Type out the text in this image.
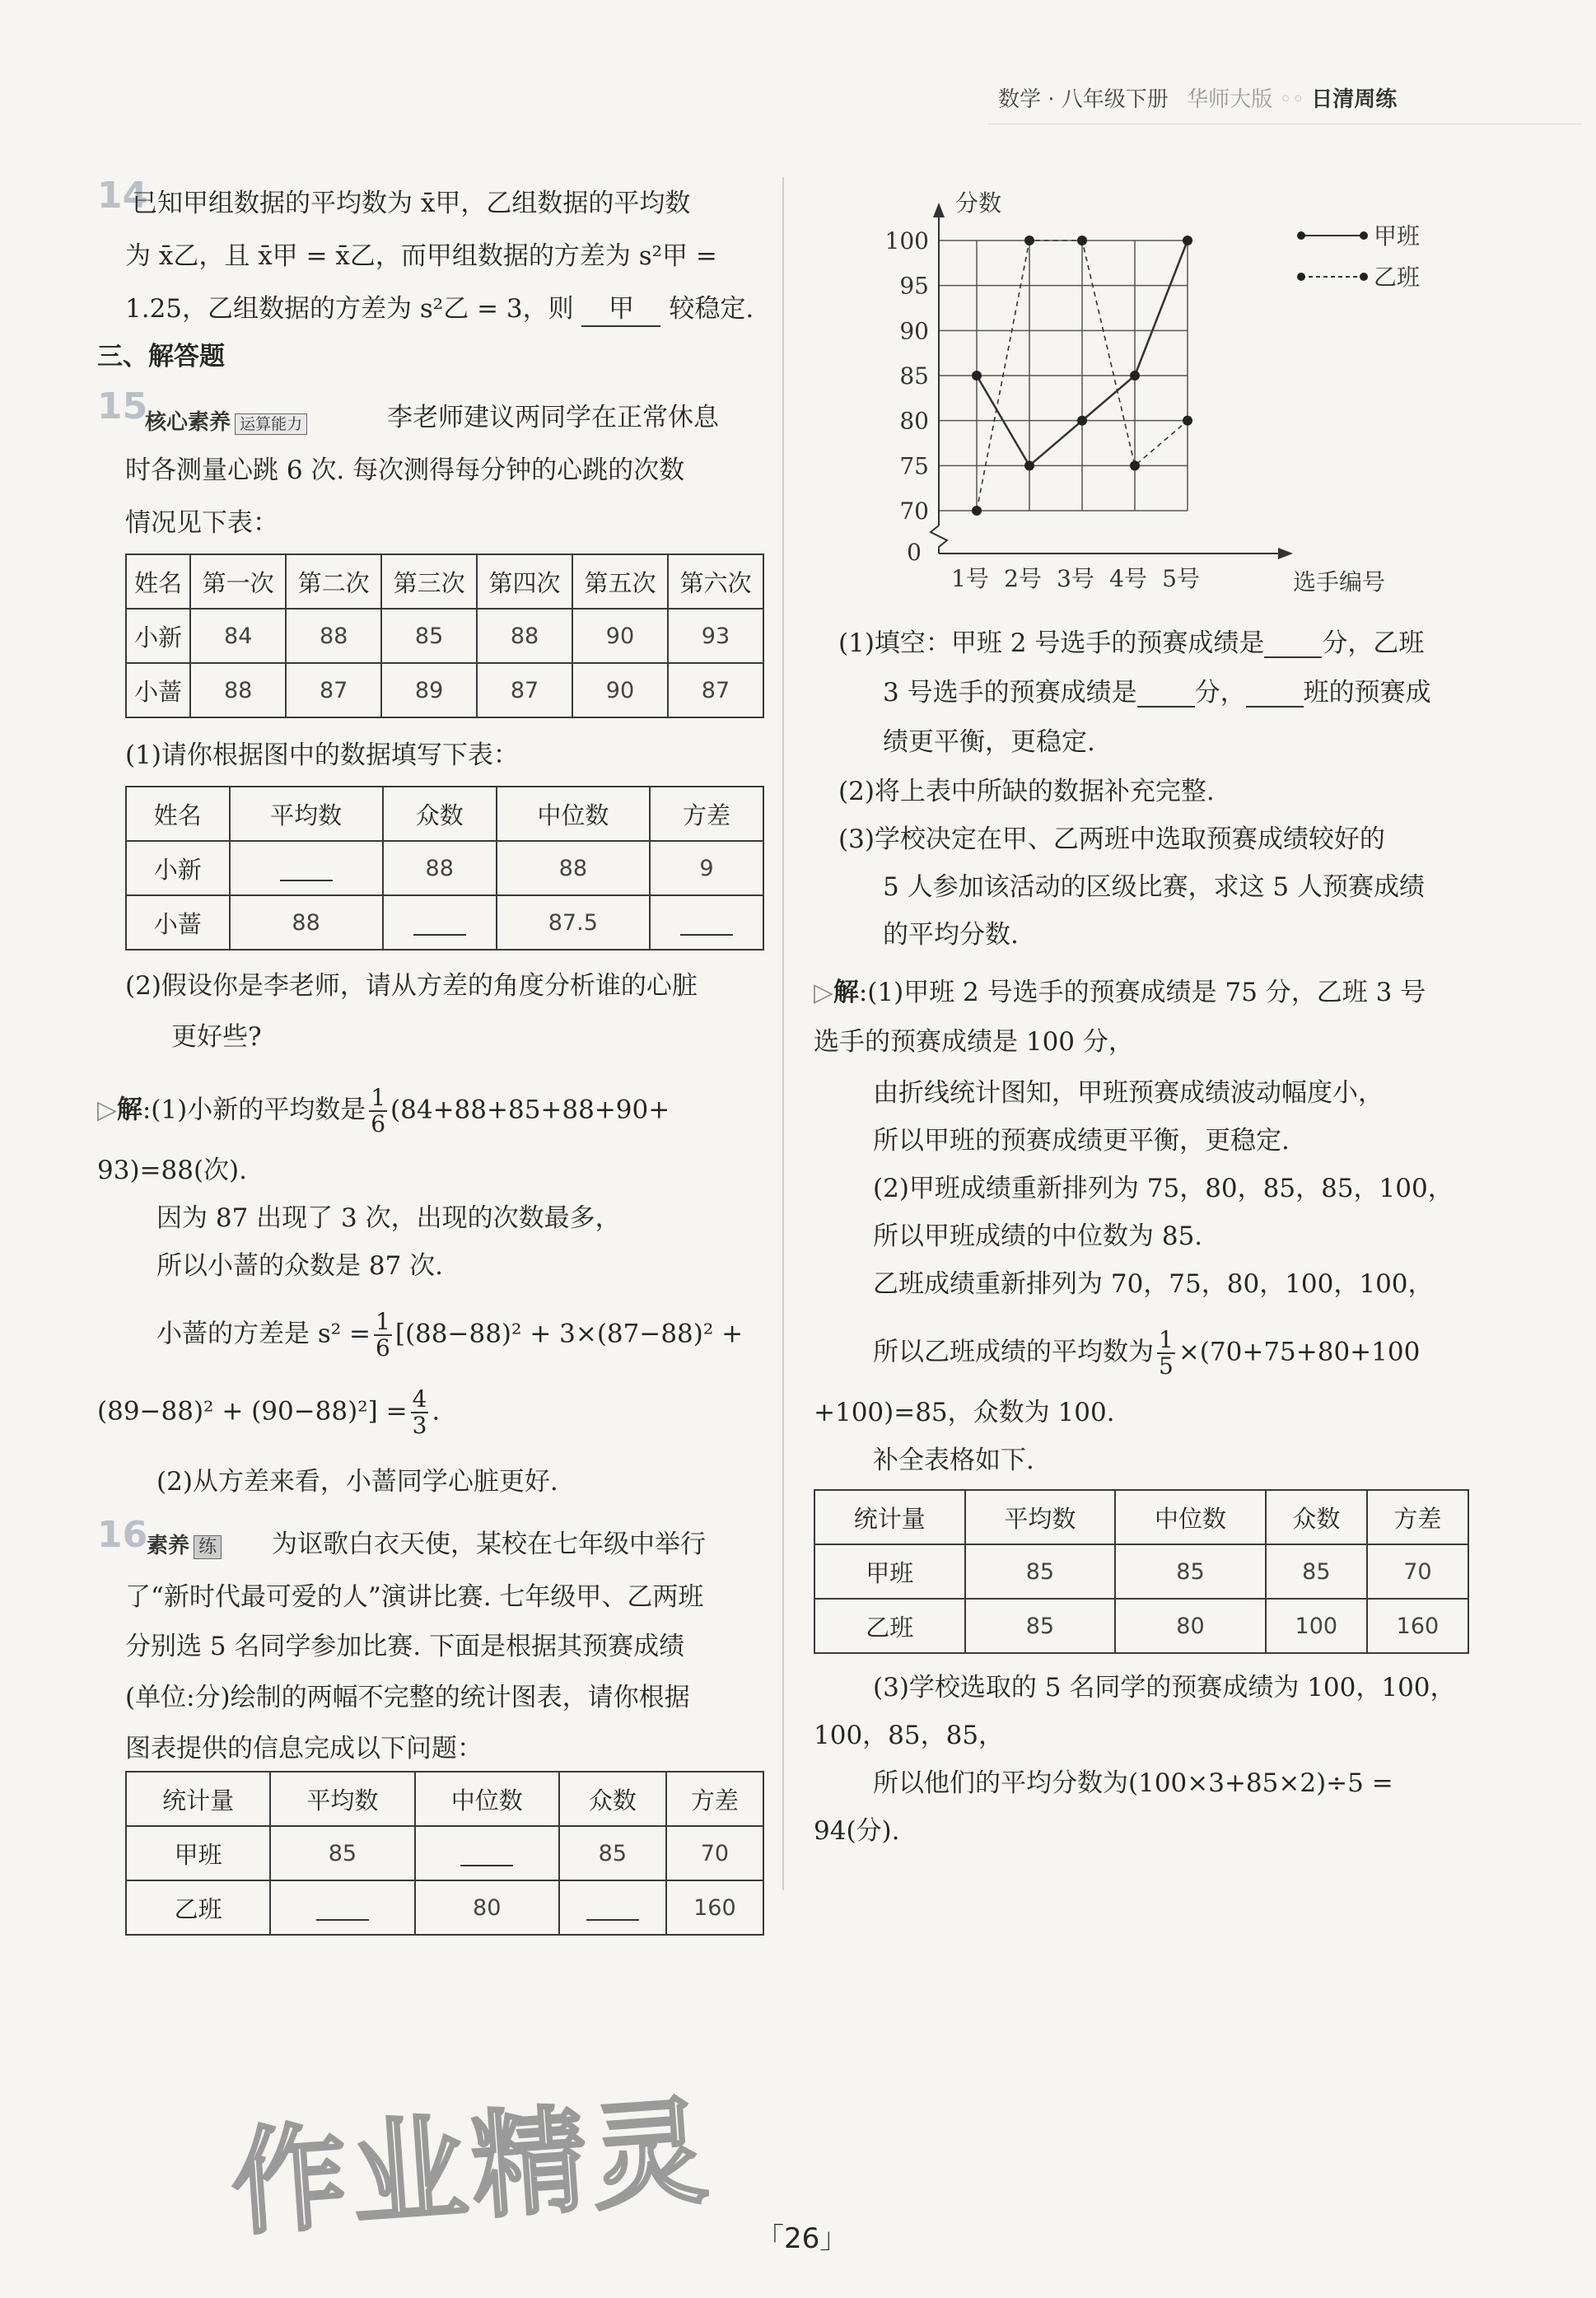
数学 · 八年级下册 华师大版 ◦◦ 日清周练
14
已知甲组数据的平均数为 x̄甲，乙组数据的平均数
为 x̄乙，且 x̄甲 = x̄乙，而甲组数据的方差为 s²甲 =
1.25，乙组数据的方差为 s²乙 = 3，则 甲 较稳定.
三、解答题
15
核心素养 运算能力	李老师建议两同学在正常休息
时各测量心跳 6 次. 每次测得每分钟的心跳的次数
情况见下表：
姓名	第一次	第二次	第三次	第四次	第五次	第六次
小新	84	88	85	88	90	93
小蔷	88	87	89	87	90	87
(1)请你根据图中的数据填写下表：
姓名	平均数	众数	中位数	方差
小新		88	88	9
小蔷	88		87.5	
(2)假设你是李老师，请从方差的角度分析谁的心脏
更好些?
▷解:(1)小新的平均数是 $\frac{1}{6} (84+88+85+88+90+$
93)=88(次).
因为 87 出现了 3 次，出现的次数最多，
所以小蔷的众数是 87 次.
小蔷的方差是 $s^2 = \frac{1}{6} [(88-88)^2 + 3\times(87-88)^2$ +
$(89-88)^2 + (90-88)^2] = \frac{4}{3}$ .
(2)从方差来看，小蔷同学心脏更好.
16
素养 练 为讴歌白衣天使，某校在七年级中举行
了“新时代最可爱的人”演讲比赛. 七年级甲、乙两班
分别选 5 名同学参加比赛. 下面是根据其预赛成绩
(单位:分)绘制的两幅不完整的统计图表，请你根据
图表提供的信息完成以下问题：
统计量	平均数	中位数	众数	方差
甲班	85		85	70
乙班		80		160
70
75
80
85
90
95
100
1号 2号 3号 4号 5号
0
分数
选手编号
甲班
乙班
(1)填空：甲班 2 号选手的预赛成绩是 分，乙班
3 号选手的预赛成绩是 分， 班的预赛成
绩更平衡，更稳定.
(2)将上表中所缺的数据补充完整.
(3)学校决定在甲、乙两班中选取预赛成绩较好的
5 人参加该活动的区级比赛，求这 5 人预赛成绩
的平均分数.
▷解:(1)甲班 2 号选手的预赛成绩是 75 分，乙班 3 号
选手的预赛成绩是 100 分，
由折线统计图知，甲班预赛成绩波动幅度小，
所以甲班的预赛成绩更平衡，更稳定.
(2)甲班成绩重新排列为 75，80，85，85，100，
所以甲班成绩的中位数为 85.
乙班成绩重新排列为 70，75，80，100，100，
所以乙班成绩的平均数为 $\frac{1}{5} \times(70+75+80+100$
+100)=85，众数为 100.
补全表格如下.
统计量	平均数	中位数	众数	方差
甲班	85	85	85	70
乙班	85	80	100	160
(3)学校选取的 5 名同学的预赛成绩为 100，100，
100，85，85，
所以他们的平均分数为(100×3+85×2)÷5 =
94(分).
作业精灵 「26」
